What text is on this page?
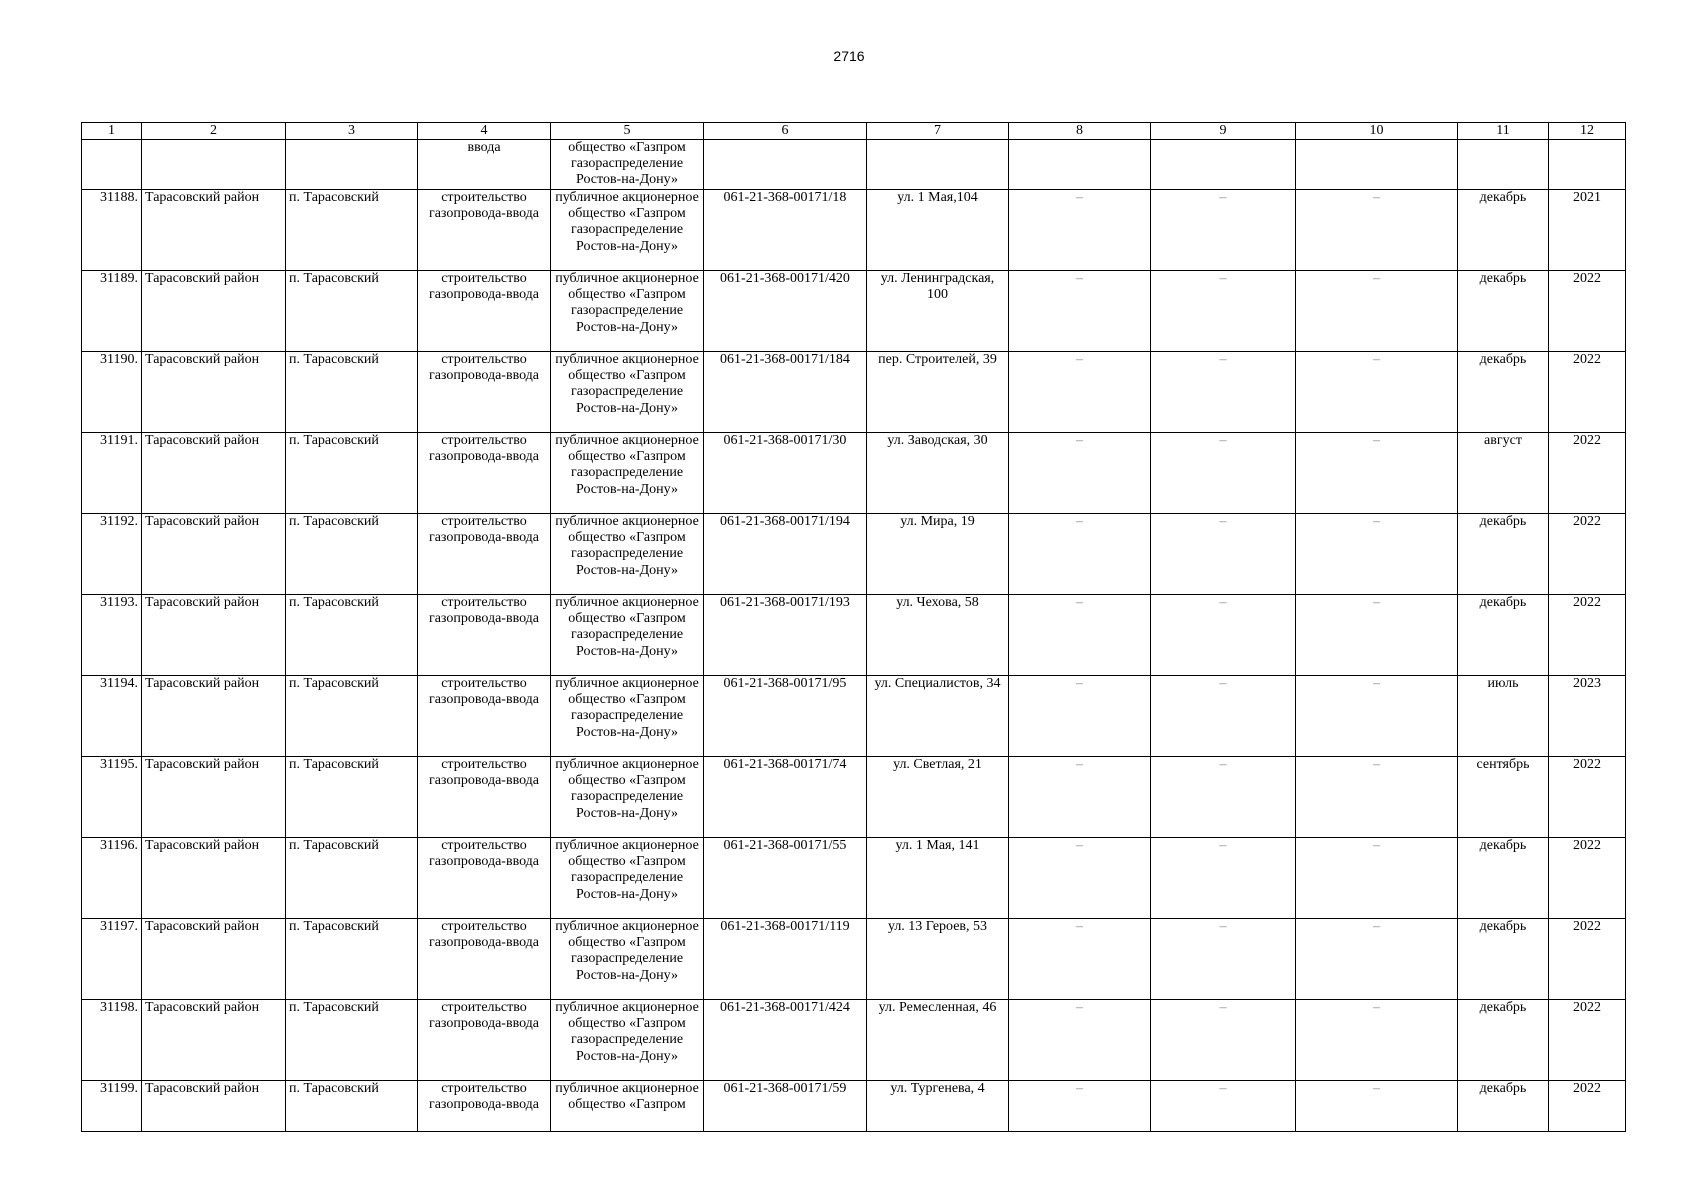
2716
1	2	3	4	5	6	7	8	9	10	11	12
			ввода	общество «Газпром газораспределение Ростов-на-Дону»							
31188.	Тарасовский район	п. Тарасовский	строительство газопровода-ввода	публичное акционерное общество «Газпром газораспределение Ростов-на-Дону»	061-21-368-00171/18	ул. 1 Мая,104	–	–	–	декабрь	2021
31189.	Тарасовский район	п. Тарасовский	строительство газопровода-ввода	публичное акционерное общество «Газпром газораспределение Ростов-на-Дону»	061-21-368-00171/420	ул. Ленинградская, 100	–	–	–	декабрь	2022
31190.	Тарасовский район	п. Тарасовский	строительство газопровода-ввода	публичное акционерное общество «Газпром газораспределение Ростов-на-Дону»	061-21-368-00171/184	пер. Строителей, 39	–	–	–	декабрь	2022
31191.	Тарасовский район	п. Тарасовский	строительство газопровода-ввода	публичное акционерное общество «Газпром газораспределение Ростов-на-Дону»	061-21-368-00171/30	ул. Заводская, 30	–	–	–	август	2022
31192.	Тарасовский район	п. Тарасовский	строительство газопровода-ввода	публичное акционерное общество «Газпром газораспределение Ростов-на-Дону»	061-21-368-00171/194	ул. Мира, 19	–	–	–	декабрь	2022
31193.	Тарасовский район	п. Тарасовский	строительство газопровода-ввода	публичное акционерное общество «Газпром газораспределение Ростов-на-Дону»	061-21-368-00171/193	ул. Чехова, 58	–	–	–	декабрь	2022
31194.	Тарасовский район	п. Тарасовский	строительство газопровода-ввода	публичное акционерное общество «Газпром газораспределение Ростов-на-Дону»	061-21-368-00171/95	ул. Специалистов, 34	–	–	–	июль	2023
31195.	Тарасовский район	п. Тарасовский	строительство газопровода-ввода	публичное акционерное общество «Газпром газораспределение Ростов-на-Дону»	061-21-368-00171/74	ул. Светлая, 21	–	–	–	сентябрь	2022
31196.	Тарасовский район	п. Тарасовский	строительство газопровода-ввода	публичное акционерное общество «Газпром газораспределение Ростов-на-Дону»	061-21-368-00171/55	ул. 1 Мая, 141	–	–	–	декабрь	2022
31197.	Тарасовский район	п. Тарасовский	строительство газопровода-ввода	публичное акционерное общество «Газпром газораспределение Ростов-на-Дону»	061-21-368-00171/119	ул. 13 Героев, 53	–	–	–	декабрь	2022
31198.	Тарасовский район	п. Тарасовский	строительство газопровода-ввода	публичное акционерное общество «Газпром газораспределение Ростов-на-Дону»	061-21-368-00171/424	ул. Ремесленная, 46	–	–	–	декабрь	2022
31199.	Тарасовский район	п. Тарасовский	строительство газопровода-ввода	публичное акционерное общество «Газпром	061-21-368-00171/59	ул. Тургенева, 4	–	–	–	декабрь	2022
